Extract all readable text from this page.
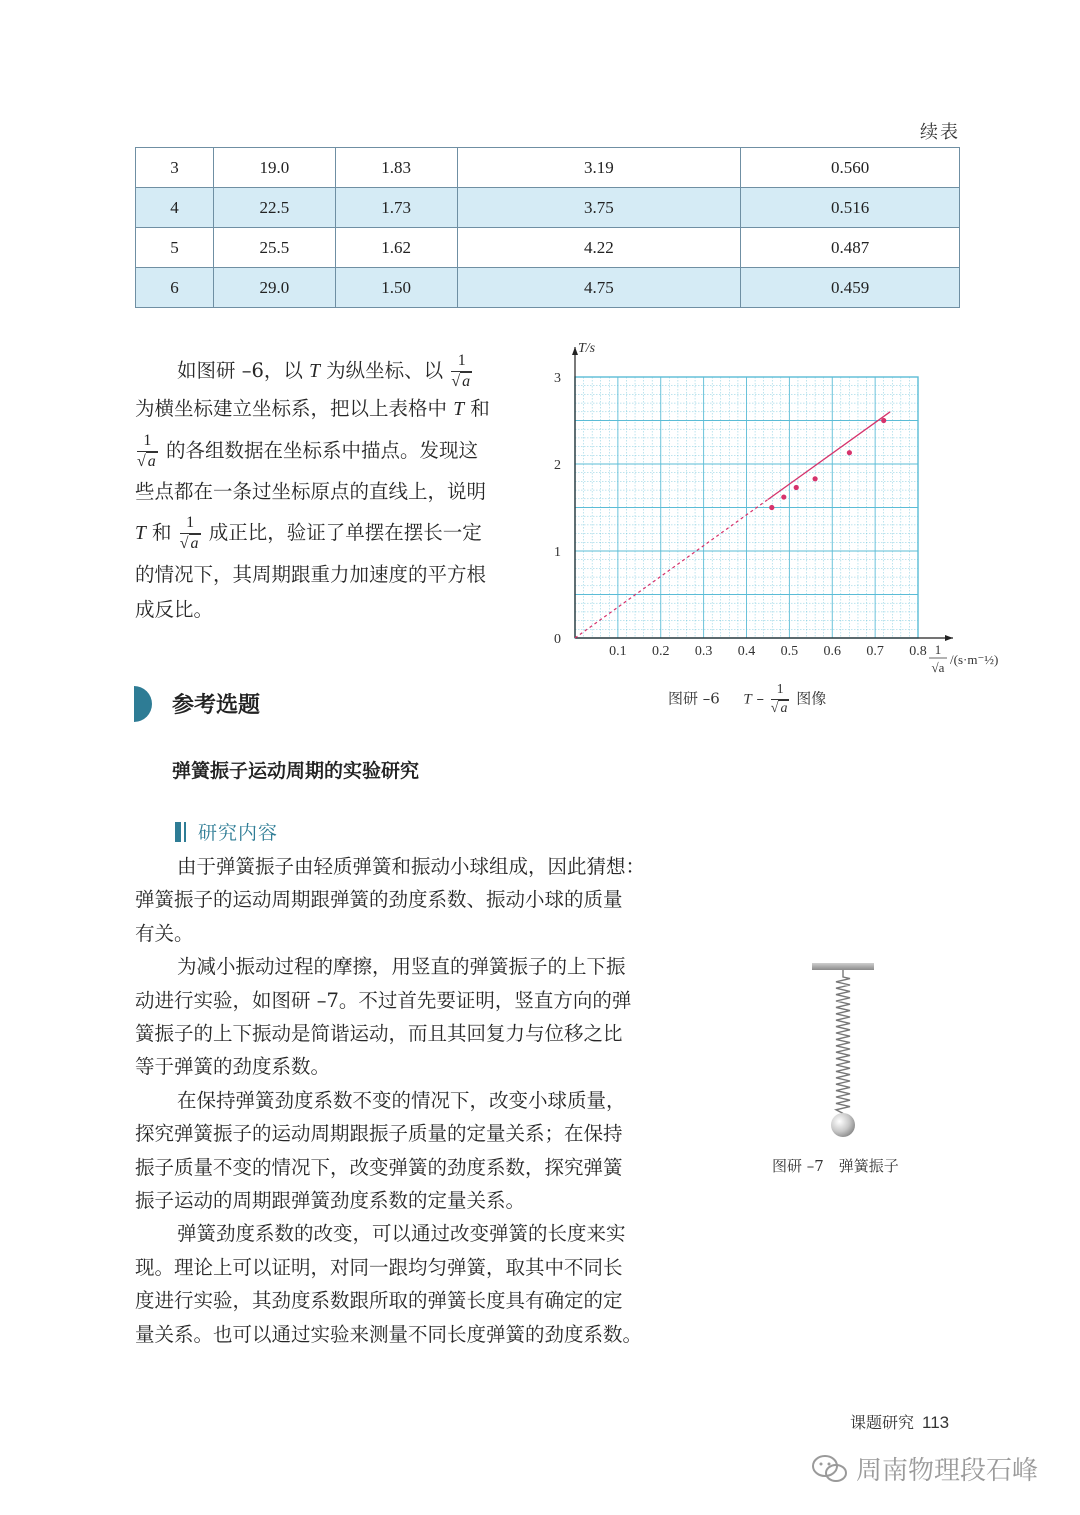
续表
3	19.0	1.83	3.19	0.560
4	22.5	1.73	3.75	0.516
5	25.5	1.62	4.22	0.487
6	29.0	1.50	4.75	0.459
如图研 –6，以 T 为纵坐标、以 $\frac{1}{√ a}$
为横坐标建立坐标系，把以上表格中 T 和
$\frac{1}{√ a}$ 的各组数据在坐标系中描点。发现这
些点都在一条过坐标原点的直线上，说明
T 和 $\frac{1}{√ a}$ 成正比，验证了单摆在摆长一定
的情况下，其周期跟重力加速度的平方根
成反比。
0.1 0.2 0.3 0.4 0.5 0.6 0.7 0.8
0
1
2
3
T/s
1
√a
/(s·m⁻½)
图研 –6 T – $\frac{1}{√ a}$ 图像
参考选题
弹簧振子运动周期的实验研究
研究内容
由于弹簧振子由轻质弹簧和振动小球组成，因此猜想：
弹簧振子的运动周期跟弹簧的劲度系数、振动小球的质量
有关。
为减小振动过程的摩擦，用竖直的弹簧振子的上下振
动进行实验，如图研 –7。不过首先要证明，竖直方向的弹
簧振子的上下振动是简谐运动，而且其回复力与位移之比
等于弹簧的劲度系数。
在保持弹簧劲度系数不变的情况下，改变小球质量，
探究弹簧振子的运动周期跟振子质量的定量关系；在保持
振子质量不变的情况下，改变弹簧的劲度系数，探究弹簧
振子运动的周期跟弹簧劲度系数的定量关系。
弹簧劲度系数的改变，可以通过改变弹簧的长度来实
现。理论上可以证明，对同一跟均匀弹簧，取其中不同长
度进行实验，其劲度系数跟所取的弹簧长度具有确定的定
量关系。也可以通过实验来测量不同长度弹簧的劲度系数。
图研 –7　弹簧振子
课题研究 113
周南物理段石峰
